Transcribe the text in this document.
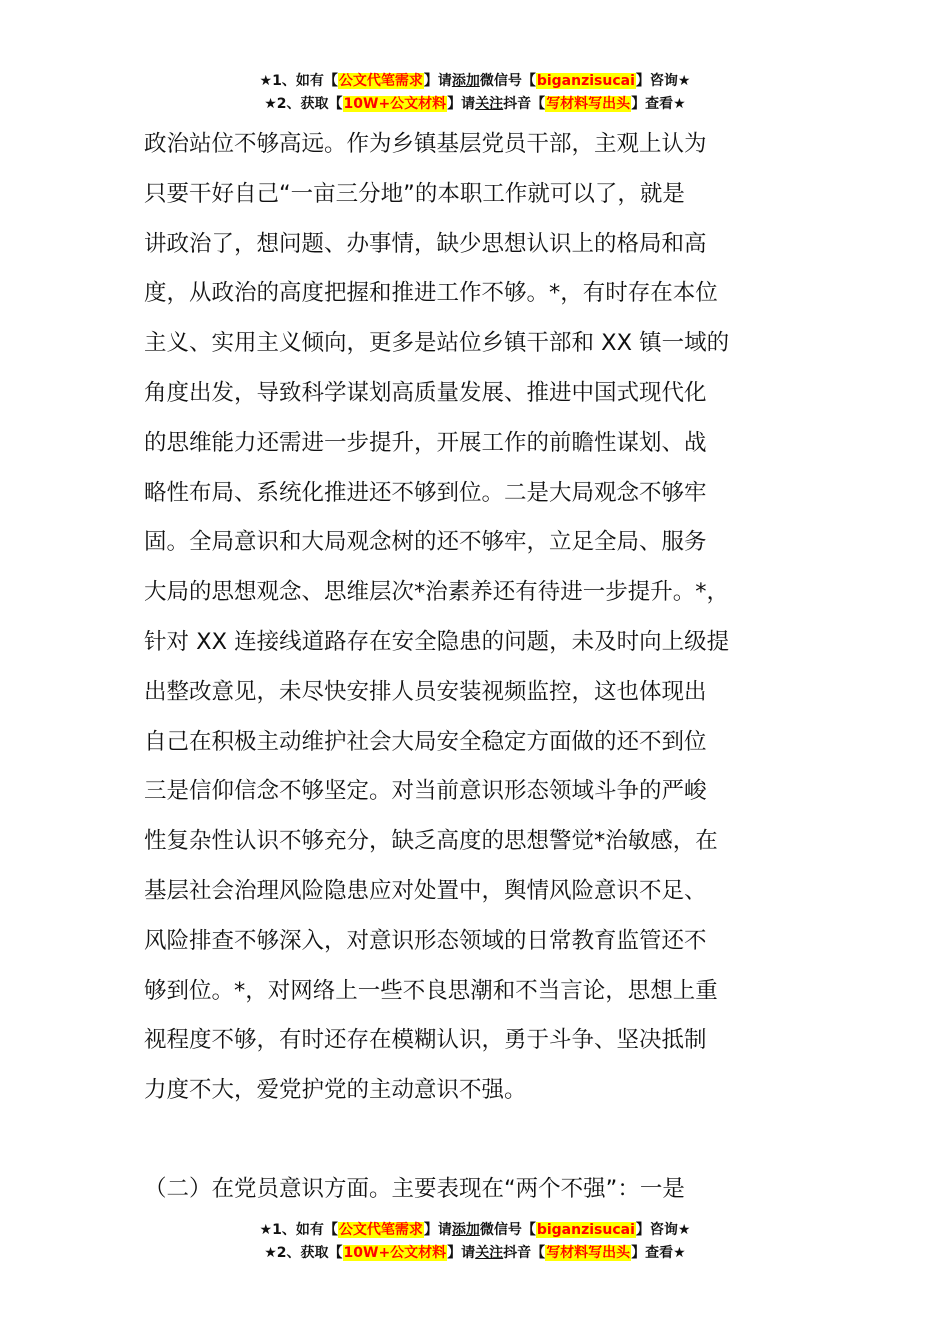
★1、如有【公文代笔需求】请添加微信号【biganzisucai】咨询★
★2、获取【10W+公文材料】请关注抖音【写材料写出头】查看★
政治站位不够高远。作为乡镇基层党员干部，主观上认为
只要干好自己“一亩三分地”的本职工作就可以了，就是
讲政治了，想问题、办事情，缺少思想认识上的格局和高
度，从政治的高度把握和推进工作不够。*，有时存在本位
主义、实用主义倾向，更多是站位乡镇干部和 XX 镇一域的
角度出发，导致科学谋划高质量发展、推进中国式现代化
的思维能力还需进一步提升，开展工作的前瞻性谋划、战
略性布局、系统化推进还不够到位。二是大局观念不够牢
固。全局意识和大局观念树的还不够牢，立足全局、服务
大局的思想观念、思维层次*治素养还有待进一步提升。*，
针对 XX 连接线道路存在安全隐患的问题，未及时向上级提
出整改意见，未尽快安排人员安装视频监控，这也体现出
自己在积极主动维护社会大局安全稳定方面做的还不到位
三是信仰信念不够坚定。对当前意识形态领域斗争的严峻
性复杂性认识不够充分，缺乏高度的思想警觉*治敏感，在
基层社会治理风险隐患应对处置中，舆情风险意识不足、
风险排查不够深入，对意识形态领域的日常教育监管还不
够到位。*，对网络上一些不良思潮和不当言论，思想上重
视程度不够，有时还存在模糊认识，勇于斗争、坚决抵制
力度不大，爱党护党的主动意识不强。
（二）在党员意识方面。主要表现在“两个不强”：一是
★1、如有【公文代笔需求】请添加微信号【biganzisucai】咨询★
★2、获取【10W+公文材料】请关注抖音【写材料写出头】查看★
